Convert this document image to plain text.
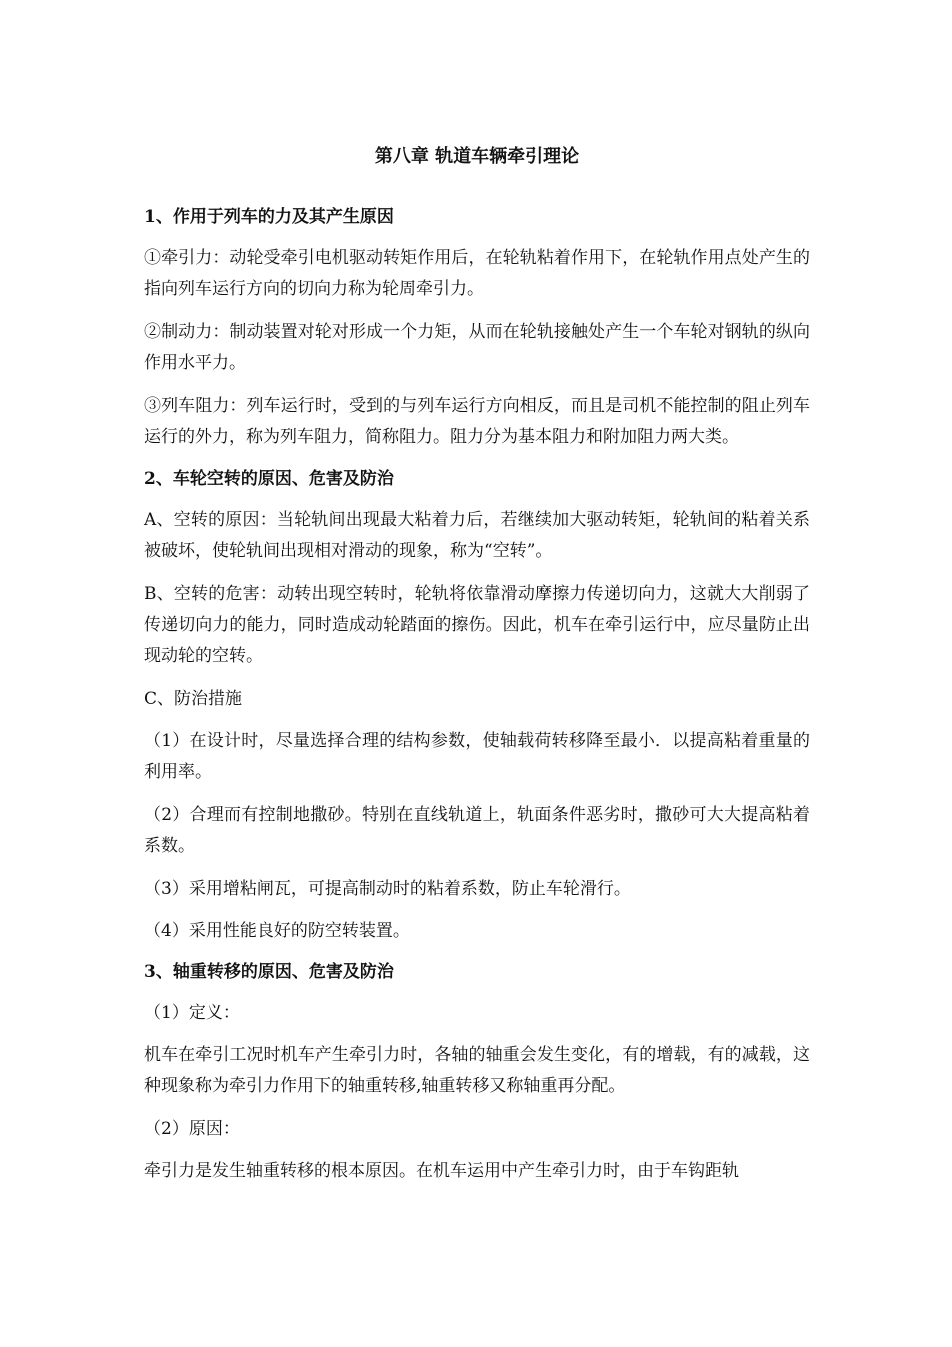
第八章 轨道车辆牵引理论
1、作用于列车的力及其产生原因
①牵引力：动轮受牵引电机驱动转矩作用后，在轮轨粘着作用下，在轮轨作用点处产生的指向列车运行方向的切向力称为轮周牵引力。
②制动力：制动装置对轮对形成一个力矩，从而在轮轨接触处产生一个车轮对钢轨的纵向作用水平力。
③列车阻力：列车运行时，受到的与列车运行方向相反，而且是司机不能控制的阻止列车运行的外力，称为列车阻力，简称阻力。阻力分为基本阻力和附加阻力两大类。
2、车轮空转的原因、危害及防治
A、空转的原因：当轮轨间出现最大粘着力后，若继续加大驱动转矩，轮轨间的粘着关系被破坏，使轮轨间出现相对滑动的现象，称为“空转”。
B、空转的危害：动转出现空转时，轮轨将依靠滑动摩擦力传递切向力，这就大大削弱了传递切向力的能力，同时造成动轮踏面的擦伤。因此，机车在牵引运行中，应尽量防止出现动轮的空转。
C、防治措施
（1）在设计时，尽量选择合理的结构参数，使轴载荷转移降至最小．以提高粘着重量的利用率。
（2）合理而有控制地撒砂。特别在直线轨道上，轨面条件恶劣时，撒砂可大大提高粘着系数。
（3）采用增粘闸瓦，可提高制动时的粘着系数，防止车轮滑行。
（4）采用性能良好的防空转装置。
3、轴重转移的原因、危害及防治
（1）定义：
机车在牵引工况时机车产生牵引力时，各轴的轴重会发生变化，有的增载，有的减载，这种现象称为牵引力作用下的轴重转移,轴重转移又称轴重再分配。
（2）原因：
牵引力是发生轴重转移的根本原因。在机车运用中产生牵引力时，由于车钩距轨
